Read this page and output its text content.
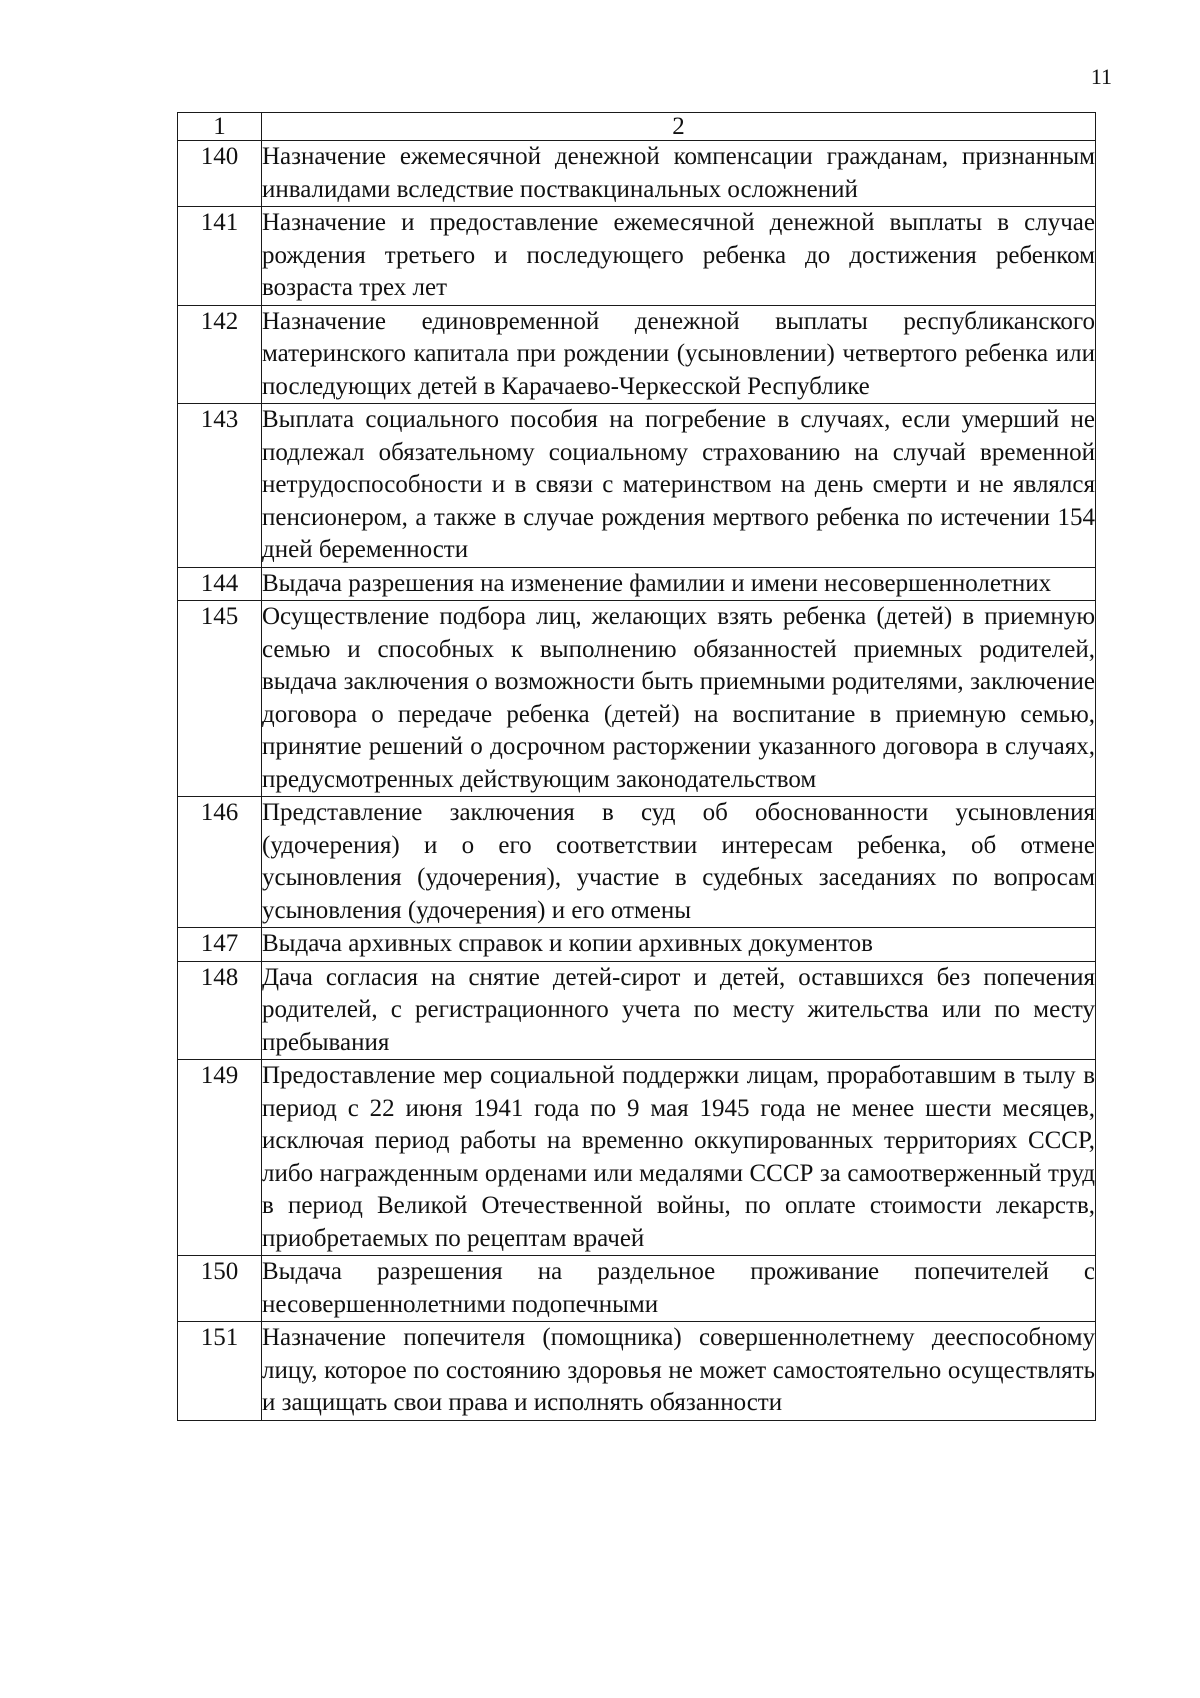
11
1	2
140	Назначение ежемесячной денежной компенсации гражданам, признанным инвалидами вследствие поствакцинальных осложнений
141	Назначение и предоставление ежемесячной денежной выплаты в случае рождения третьего и последующего ребенка до достижения ребенком возраста трех лет
142	Назначение единовременной денежной выплаты республиканского материнского капитала при рождении (усыновлении) четвертого ребенка или последующих детей в Карачаево-Черкесской Республике
143	Выплата социального пособия на погребение в случаях, если умерший не подлежал обязательному социальному страхованию на случай временной нетрудоспособности и в связи с материнством на день смерти и не являлся пенсионером, а также в случае рождения мертвого ребенка по истечении 154 дней беременности
144	Выдача разрешения на изменение фамилии и имени несовершеннолетних
145	Осуществление подбора лиц, желающих взять ребенка (детей) в приемную семью и способных к выполнению обязанностей приемных родителей, выдача заключения о возможности быть приемными родителями, заключение договора о передаче ребенка (детей) на воспитание в приемную семью, принятие решений о досрочном расторжении указанного договора в случаях, предусмотренных действующим законодательством
146	Представление заключения в суд об обоснованности усыновления (удочерения) и о его соответствии интересам ребенка, об отмене усыновления (удочерения), участие в судебных заседаниях по вопросам усыновления (удочерения) и его отмены
147	Выдача архивных справок и копии архивных документов
148	Дача согласия на снятие детей-сирот и детей, оставшихся без попечения родителей, с регистрационного учета по месту жительства или по месту пребывания
149	Предоставление мер социальной поддержки лицам, проработавшим в тылу в период с 22 июня 1941 года по 9 мая 1945 года не менее шести месяцев, исключая период работы на временно оккупированных территориях СССР, либо награжденным орденами или медалями СССР за самоотверженный труд в период Великой Отечественной войны, по оплате стоимости лекарств, приобретаемых по рецептам врачей
150	Выдача разрешения на раздельное проживание попечителей с несовершеннолетними подопечными
151	Назначение попечителя (помощника) совершеннолетнему дееспособному лицу, которое по состоянию здоровья не может самостоятельно осуществлять и защищать свои права и исполнять обязанности
